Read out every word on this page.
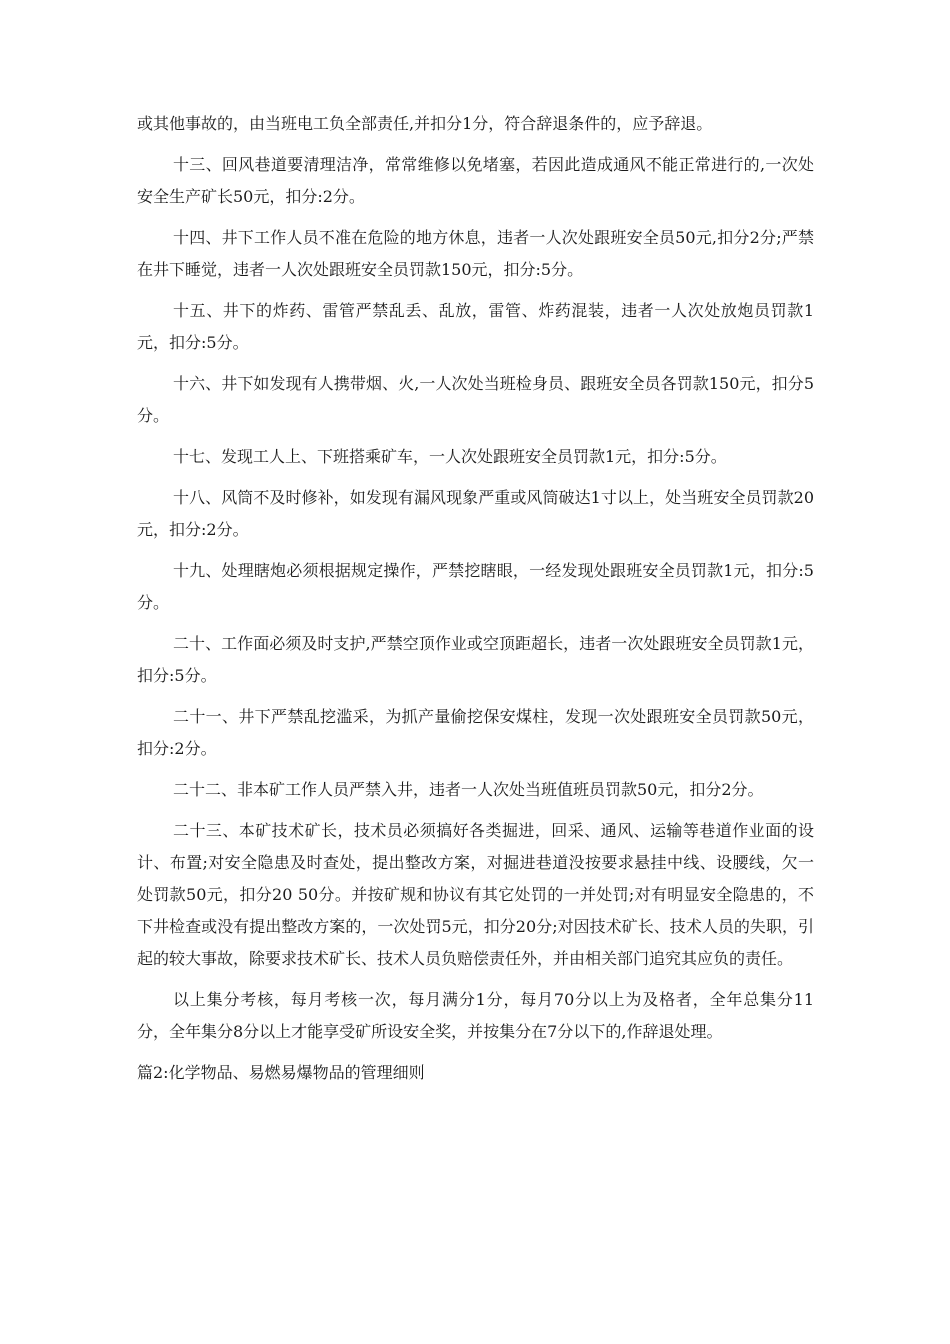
或其他事故的，由当班电工负全部责任,并扣分1分，符合辞退条件的，应予辞退。

十三、回风巷道要清理洁净，常常维修以免堵塞，若因此造成通风不能正常进行的,一次处安全生产矿长50元，扣分:2分。

十四、井下工作人员不准在危险的地方休息，违者一人次处跟班安全员50元,扣分2分;严禁在井下睡觉，违者一人次处跟班安全员罚款150元，扣分:5分。

十五、井下的炸药、雷管严禁乱丢、乱放，雷管、炸药混装，违者一人次处放炮员罚款1元，扣分:5分。

十六、井下如发现有人携带烟、火,一人次处当班检身员、跟班安全员各罚款150元，扣分5分。

十七、发现工人上、下班搭乘矿车，一人次处跟班安全员罚款1元，扣分:5分。

十八、风筒不及时修补，如发现有漏风现象严重或风筒破达1寸以上，处当班安全员罚款20元，扣分:2分。

十九、处理瞎炮必须根据规定操作，严禁挖瞎眼，一经发现处跟班安全员罚款1元，扣分:5分。

二十、工作面必须及时支护,严禁空顶作业或空顶距超长，违者一次处跟班安全员罚款1元，扣分:5分。

二十一、井下严禁乱挖滥采，为抓产量偷挖保安煤柱，发现一次处跟班安全员罚款50元，扣分:2分。

二十二、非本矿工作人员严禁入井，违者一人次处当班值班员罚款50元，扣分2分。

二十三、本矿技术矿长，技术员必须搞好各类掘进，回采、通风、运输等巷道作业面的设计、布置;对安全隐患及时查处，提出整改方案，对掘进巷道没按要求悬挂中线、设腰线，欠一处罚款50元，扣分20 50分。并按矿规和协议有其它处罚的一并处罚;对有明显安全隐患的，不下井检查或没有提出整改方案的，一次处罚5元，扣分20分;对因技术矿长、技术人员的失职，引起的较大事故，除要求技术矿长、技术人员负赔偿责任外，并由相关部门追究其应负的责任。

以上集分考核，每月考核一次，每月满分1分，每月70分以上为及格者，全年总集分11分，全年集分8分以上才能享受矿所设安全奖，并按集分在7分以下的,作辞退处理。

篇2:化学物品、易燃易爆物品的管理细则
